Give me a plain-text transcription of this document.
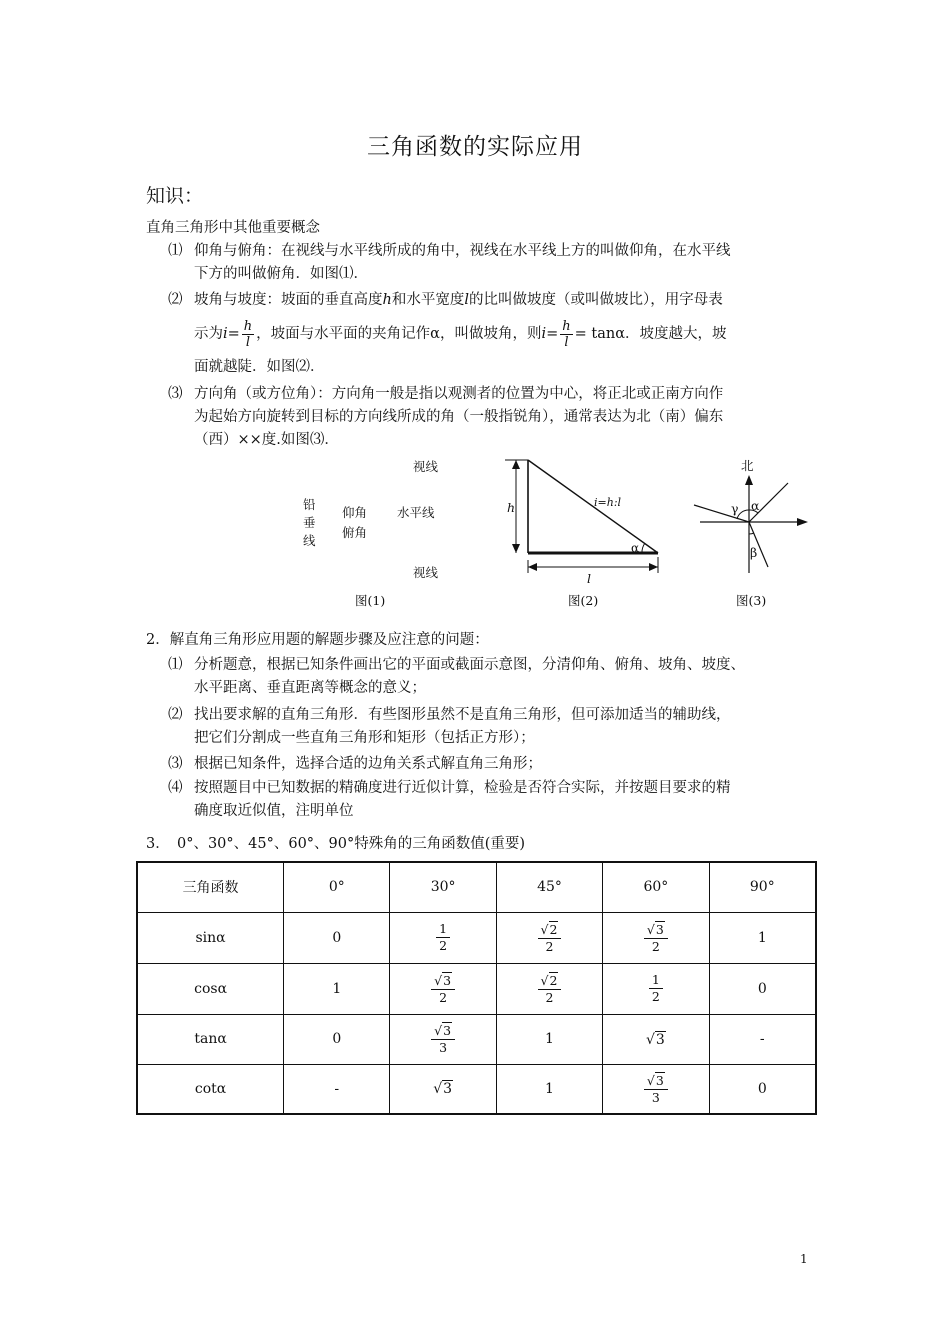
三角函数的实际应用
知识：
直角三角形中其他重要概念
⑴ 仰角与俯角：在视线与水平线所成的角中，视线在水平线上方的叫做仰角，在水平线
下方的叫做俯角．如图⑴．
⑵ 坡角与坡度：坡面的垂直高度h和水平宽度l的比叫做坡度（或叫做坡比），用字母表
示为$i= \frac{h}{l}$ ，坡面与水平面的夹角记作α，叫做坡角，则$i= \frac{h}{l} = \tan\alpha$．坡度越大，坡
面就越陡．如图⑵．
⑶ 方向角（或方位角）：方向角一般是指以观测者的位置为中心，将正北或正南方向作
为起始方向旋转到目标的方向线所成的角（一般指锐角），通常表达为北（南）偏东
（西）××度.如图⑶．
视线
铅
垂
线
仰角
俯角
水平线
视线
图(1)
h	i=h:l
l
α
图(2)
北
γ α
β
图(3)
2．解直角三角形应用题的解题步骤及应注意的问题：
⑴ 分析题意，根据已知条件画出它的平面或截面示意图，分清仰角、俯角、坡角、坡度、
水平距离、垂直距离等概念的意义；
⑵ 找出要求解的直角三角形．有些图形虽然不是直角三角形，但可添加适当的辅助线，
把它们分割成一些直角三角形和矩形（包括正方形）；
⑶ 根据已知条件，选择合适的边角关系式解直角三角形；
⑷ 按照题目中已知数据的精确度进行近似计算，检验是否符合实际，并按题目要求的精
确度取近似值，注明单位
3．　0°、30°、45°、60°、90°特殊角的三角函数值(重要)
三角函数	0°	30°	45°	60°	90°
sinα	0	$\frac{1}{2}$	$\frac{√2}{2}$	$\frac{√3}{2}$	1
cosα	1	$\frac{√3}{2}$	$\frac{√2}{2}$	$\frac{1}{2}$	0
tanα	0	$\frac{√3}{3}$	1	√3	-
cotα	-	√3	1	$\frac{√3}{3}$	0
1
